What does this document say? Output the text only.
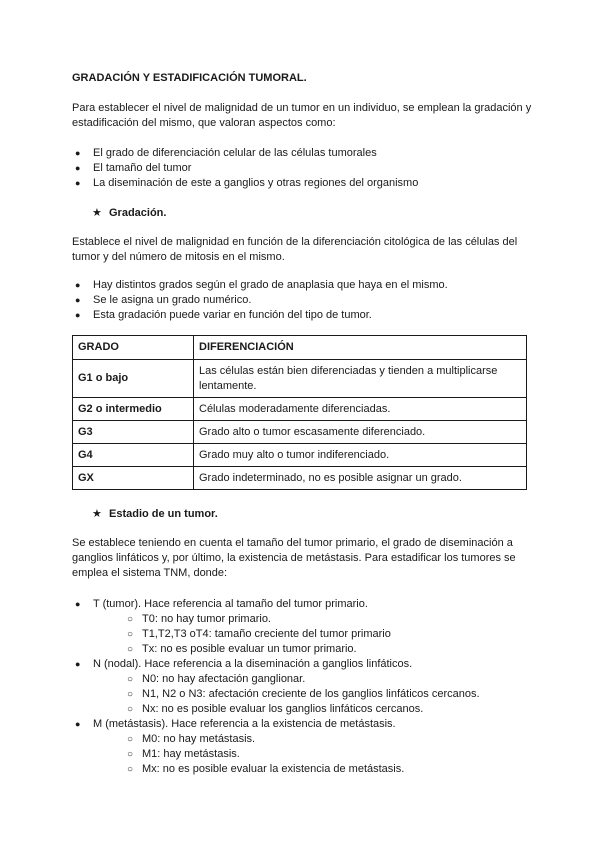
GRADACIÓN Y ESTADIFICACIÓN TUMORAL.

Para establecer el nivel de malignidad de un tumor en un individuo, se emplean la gradación y estadificación del mismo, que valoran aspectos como:

● El grado de diferenciación celular de las células tumorales
● El tamaño del tumor
● La diseminación de este a ganglios y otras regiones del organismo

★ Gradación.

Establece el nivel de malignidad en función de la diferenciación citológica de las células del tumor y del número de mitosis en el mismo.

● Hay distintos grados según el grado de anaplasia que haya en el mismo.
● Se le asigna un grado numérico.
● Esta gradación puede variar en función del tipo de tumor.
GRADO	DIFERENCIACIÓN
G1 o bajo	Las células están bien diferenciadas y tienden a multiplicarse lentamente.
G2 o intermedio	Células moderadamente diferenciadas.
G3	Grado alto o tumor escasamente diferenciado.
G4	Grado muy alto o tumor indiferenciado.
GX	Grado indeterminado, no es posible asignar un grado.

★ Estadio de un tumor.

Se establece teniendo en cuenta el tamaño del tumor primario, el grado de diseminación a ganglios linfáticos y, por último, la existencia de metástasis. Para estadificar los tumores se emplea el sistema TNM, donde:

● T (tumor). Hace referencia al tamaño del tumor primario.
○ T0: no hay tumor primario.
○ T1,T2,T3 oT4: tamaño creciente del tumor primario
○ Tx: no es posible evaluar un tumor primario.
● N (nodal). Hace referencia a la diseminación a ganglios linfáticos.
○ N0: no hay afectación ganglionar.
○ N1, N2 o N3: afectación creciente de los ganglios linfáticos cercanos.
○ Nx: no es posible evaluar los ganglios linfáticos cercanos.
● M (metástasis). Hace referencia a la existencia de metástasis.
○ M0: no hay metástasis.
○ M1: hay metástasis.
○ Mx: no es posible evaluar la existencia de metástasis.
